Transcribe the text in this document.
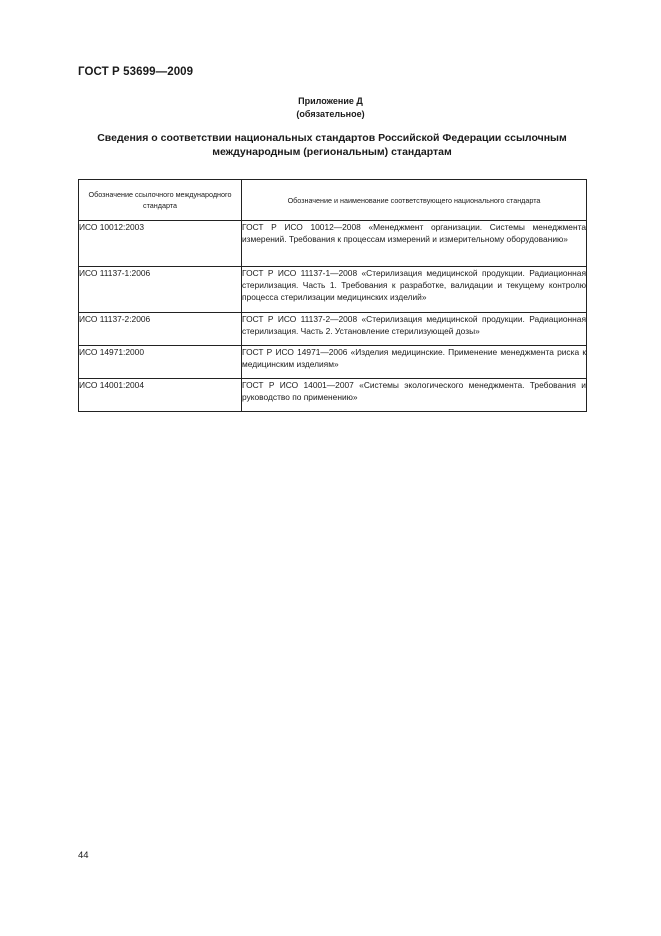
ГОСТ Р 53699—2009
Приложение Д
(обязательное)
Сведения о соответствии национальных стандартов Российской Федерации ссылочным
международным (региональным) стандартам
Обозначение ссылочного международного стандарта	Обозначение и наименование соответствующего национального стандарта
ИСО 10012:2003	ГОСТ Р ИСО 10012—2008 «Менеджмент организации. Системы менеджмента измерений. Требования к процессам измерений и измерительному оборудованию»
ИСО 11137-1:2006	ГОСТ Р ИСО 11137-1—2008 «Стерилизация медицинской продукции. Радиационная стерилизация. Часть 1. Требования к разработке, валидации и текущему контролю процесса стерилизации медицинских изделий»
ИСО 11137-2:2006	ГОСТ Р ИСО 11137-2—2008 «Стерилизация медицинской продукции. Радиационная стерилизация. Часть 2. Установление стерилизующей дозы»
ИСО 14971:2000	ГОСТ Р ИСО 14971—2006 «Изделия медицинские. Применение менеджмента риска к медицинским изделиям»
ИСО 14001:2004	ГОСТ Р ИСО 14001—2007 «Системы экологического менеджмента. Требования и руководство по применению»
44
